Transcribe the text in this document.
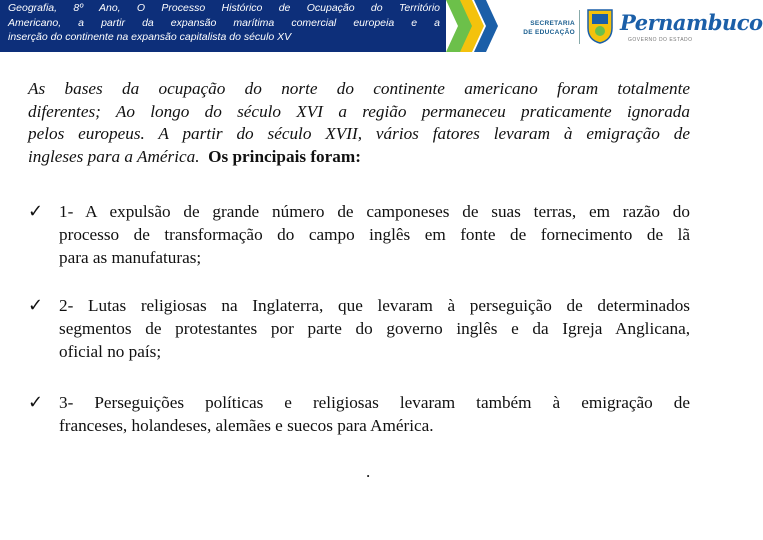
Geografia, 8º Ano, O Processo Histórico de Ocupação do Território
Americano, a partir da expansão marítima comercial europeia e a
inserção do continente na expansão capitalista do século XV
SECRETARIA
DE EDUCAÇÃO Pernambuco
GOVERNO DO ESTADO
As bases da ocupação do norte do continente americano foram totalmente
diferentes; Ao longo do século XVI a região permaneceu praticamente ignorada
pelos europeus. A partir do século XVII, vários fatores levaram à emigração de
ingleses para a América. Os principais foram:
✓ 1- A expulsão de grande número de camponeses de suas terras, em razão do
processo de transformação do campo inglês em fonte de fornecimento de lã
para as manufaturas;
✓ 2- Lutas religiosas na Inglaterra, que levaram à perseguição de determinados
segmentos de protestantes por parte do governo inglês e da Igreja Anglicana,
oficial no país;
✓ 3- Perseguições políticas e religiosas levaram também à emigração de
franceses, holandeses, alemães e suecos para América.
.
